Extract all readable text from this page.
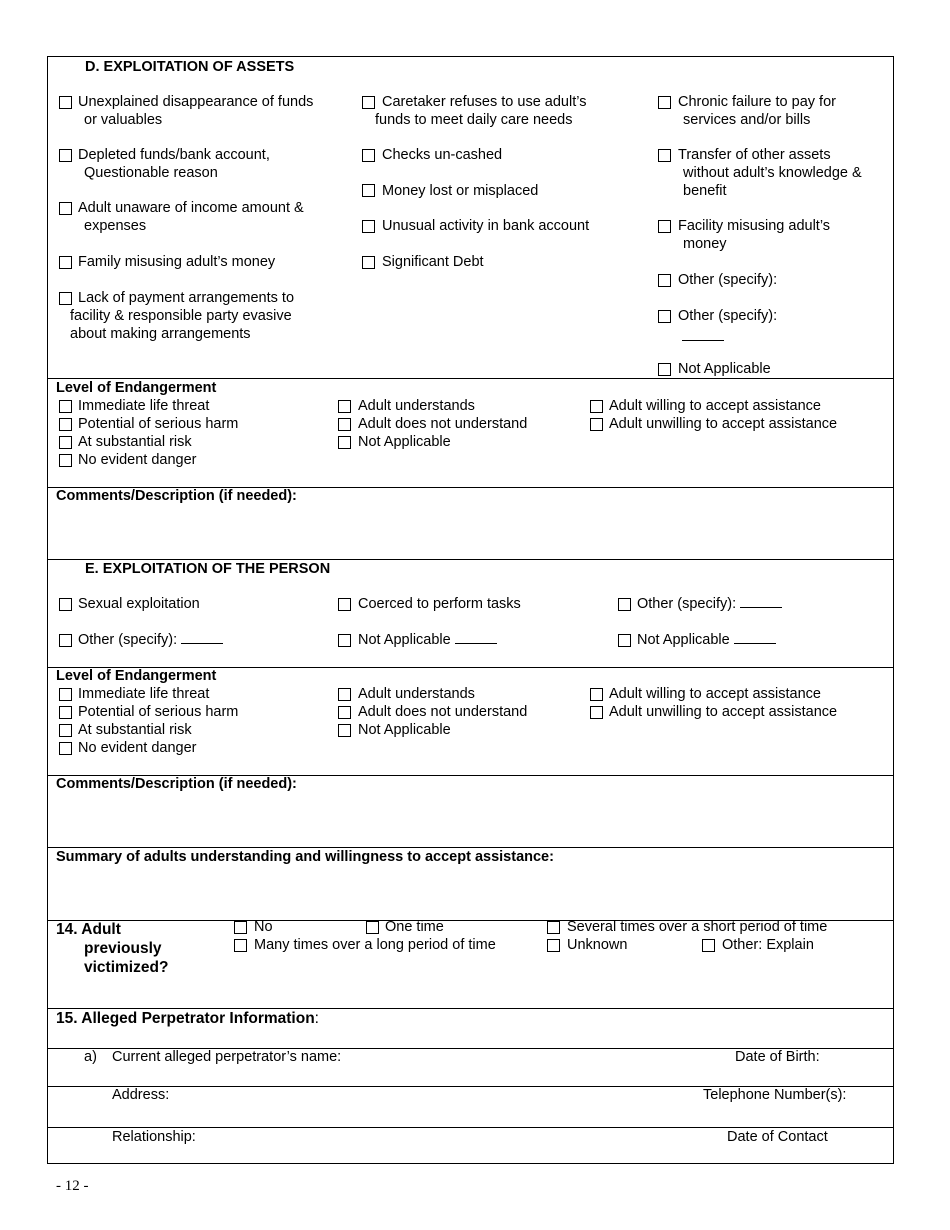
D. EXPLOITATION OF ASSETS
Unexplained disappearance of funds
or valuables
Depleted funds/bank account,
Questionable reason
Adult unaware of income amount &
expenses
Family misusing adult’s money
Lack of payment arrangements to
facility & responsible party evasive
about making arrangements
Caretaker refuses to use adult’s
funds to meet daily care needs
Checks un-cashed
Money lost or misplaced
Unusual activity in bank account
Significant Debt
Chronic failure to pay for
services and/or bills
Transfer of other assets
without adult’s knowledge &
benefit
Facility misusing adult’s
money
Other (specify):
Other (specify):
Not Applicable
Level of Endangerment
Immediate life threat
Potential of serious harm
At substantial risk
No evident danger
Adult understands
Adult does not understand
Not Applicable
Adult willing to accept assistance
Adult unwilling to accept assistance
Comments/Description (if needed):
E. EXPLOITATION OF THE PERSON
Sexual exploitation	Coerced to perform tasks	Other (specify):
Other (specify):	Not Applicable	Not Applicable
Level of Endangerment
Immediate life threat
Potential of serious harm
At substantial risk
No evident danger
Adult understands
Adult does not understand
Not Applicable
Adult willing to accept assistance
Adult unwilling to accept assistance
Comments/Description (if needed):
Summary of adults understanding and willingness to accept assistance:
14. Adult
previously
victimized?
No	One time	Several times over a short period of time
Many times over a long period of time	Unknown	Other: Explain
15. Alleged Perpetrator Information:
a) Current alleged perpetrator’s name:	Date of Birth:
Address:	Telephone Number(s):
Relationship:	Date of Contact
- 12 -
